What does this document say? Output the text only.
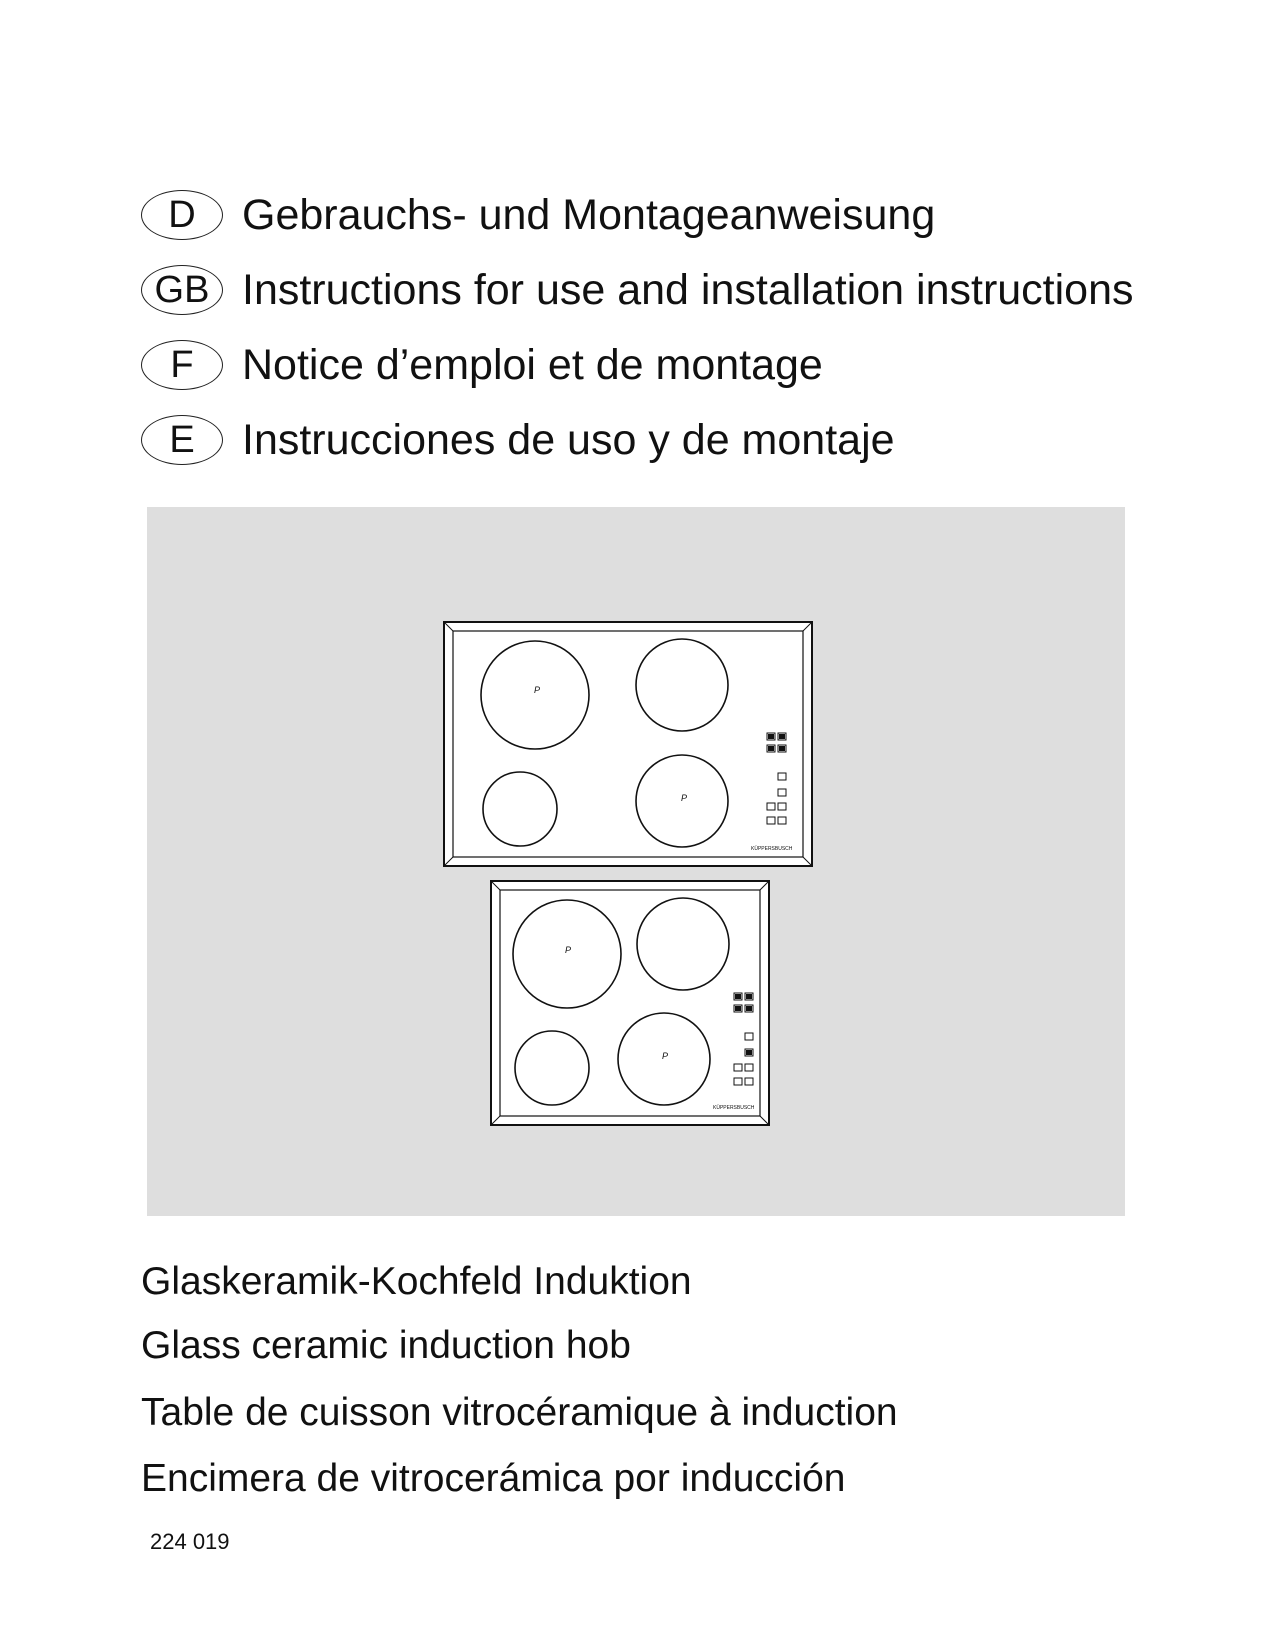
D	Gebrauchs- und Montageanweisung
GB Instructions for use and installation instructions
F	Notice d’emploi et de montage
E	Instrucciones de uso y de montaje
P
P
KÜPPERSBUSCH
P
P
KÜPPERSBUSCH
Glaskeramik-Kochfeld Induktion
Glass ceramic induction hob
Table de cuisson vitrocéramique à induction
Encimera de vitrocerámica por inducción
224 019
